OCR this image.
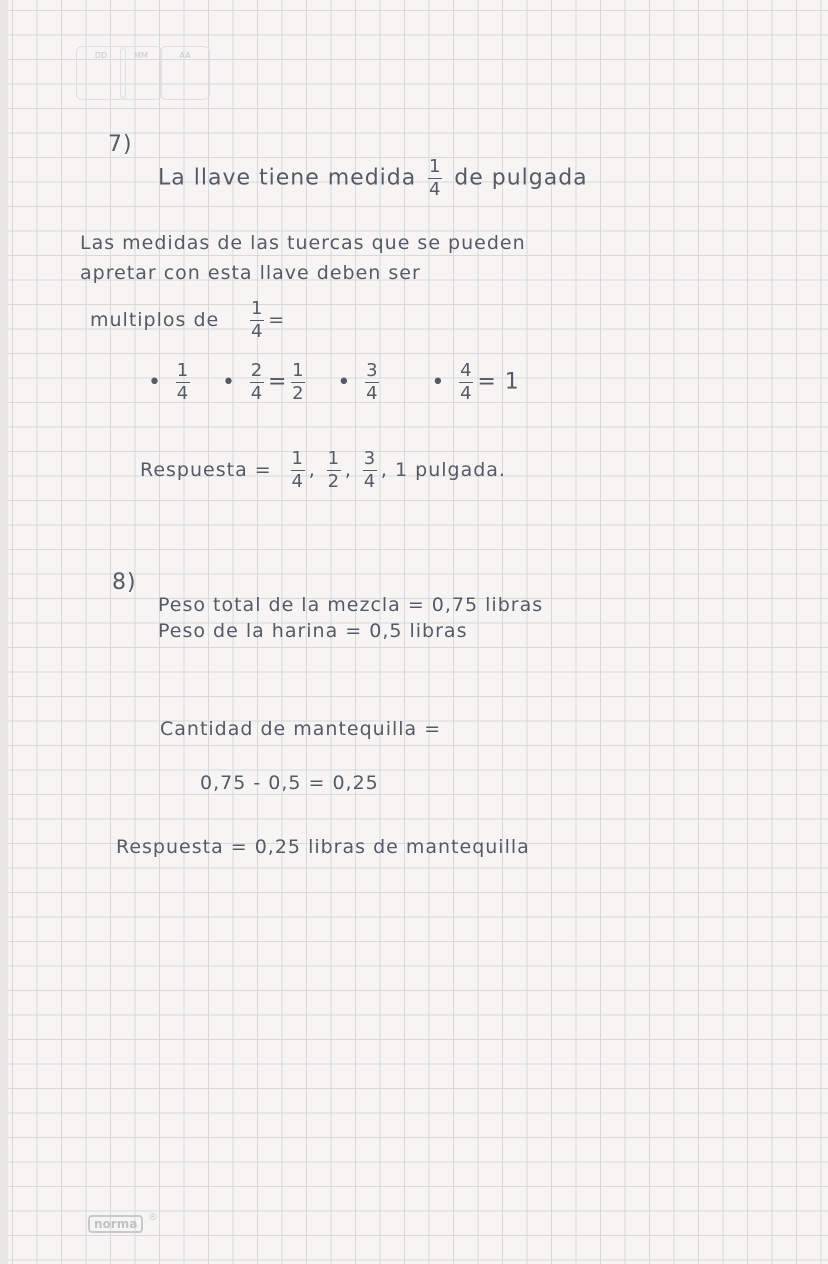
DD	MM	AA
7)
La llave tiene medida $\frac{1}{4}$ de pulgada
Las medidas de las tuercas que se pueden
apretar con esta llave deben ser
multiplos de $\frac{1}{4}$ =
• $\frac{1}{4}$ • $\frac{2}{4} = \frac{1}{2}$ • $\frac{3}{4}$ • $\frac{4}{4} = 1$
Respuesta = $\frac{1}{4}$ , $\frac{1}{2}$ , $\frac{3}{4}$ , 1 pulgada.
8)
Peso total de la mezcla = 0,75 libras
Peso de la harina = 0,5 libras
Cantidad de mantequilla =
0,75 - 0,5 = 0,25
Respuesta = 0,25 libras de mantequilla
norma	®
